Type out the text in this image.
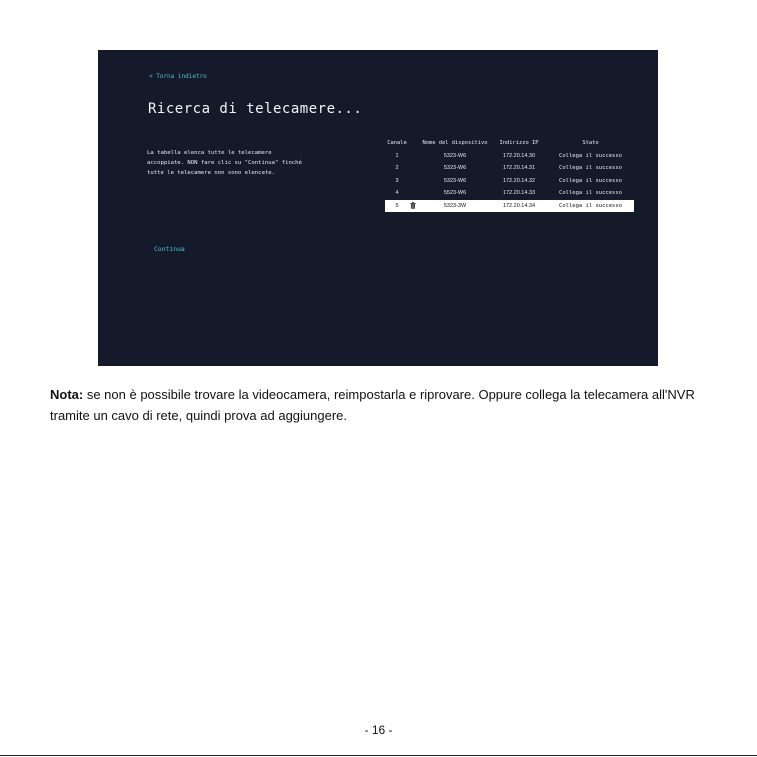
< Torna indietro
Ricerca di telecamere...
La tabella elenca tutte le telecamere accoppiate. NON fare clic su "Continua" finché tutte le telecamere non sono elencate.
Continua
Canale	Nome del dispositivo	Indirizzo IP	Stato
1	5323-W6	172.20.14.30	Collega il successo
2	5323-W6	172.20.14.31	Collega il successo
3	5323-W6	172.20.14.32	Collega il successo
4	5523-W6	172.20.14.33	Collega il successo
5	5323-3W	172.20.14.34	Collega il successo
Nota: se non è possibile trovare la videocamera, reimpostarla e riprovare. Oppure collega la telecamera all'NVR tramite un cavo di rete, quindi prova ad aggiungere.
- 16 -
